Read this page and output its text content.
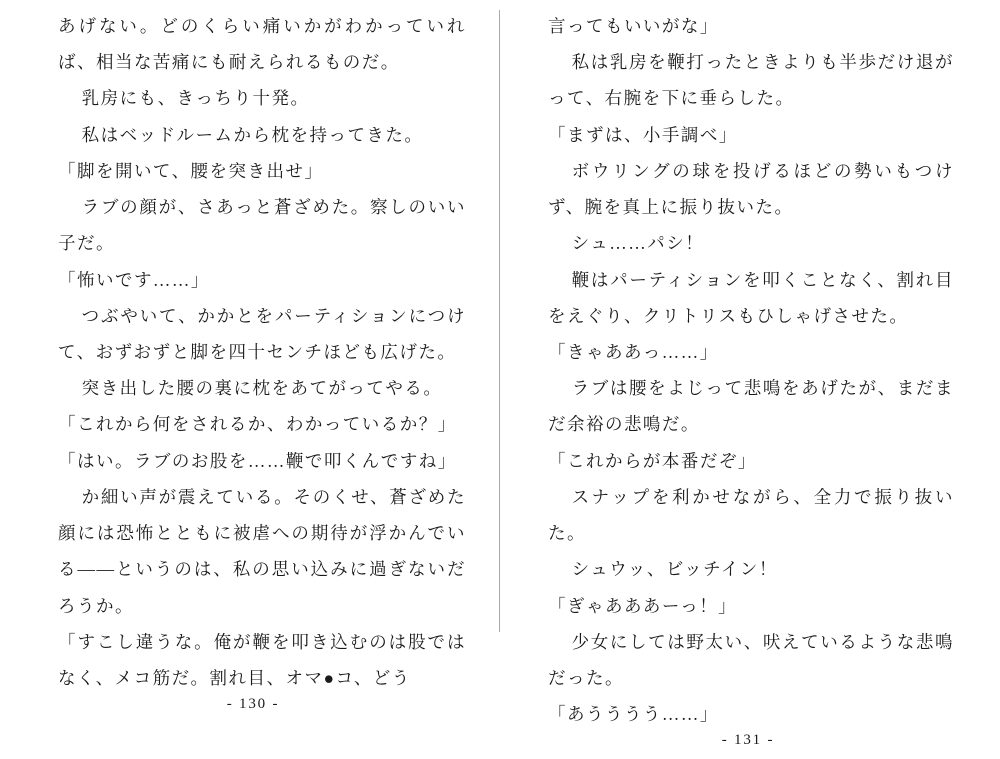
あげない。どのくらい痛いかがわかっていれば、相当な苦痛にも耐えられるものだ。

乳房にも、きっちり十発。

私はベッドルームから枕を持ってきた。

「脚を開いて、腰を突き出せ」

ラブの顔が、さあっと蒼ざめた。察しのいい子だ。

「怖いです……」

つぶやいて、かかとをパーティションにつけて、おずおずと脚を四十センチほども広げた。

突き出した腰の裏に枕をあてがってやる。

「これから何をされるか、わかっているか？」

「はい。ラブのお股を……鞭で叩くんですね」

か細い声が震えている。そのくせ、蒼ざめた顔には恐怖とともに被虐への期待が浮かんでいる――というのは、私の思い込みに過ぎないだろうか。

「すこし違うな。俺が鞭を叩き込むのは股ではなく、メコ筋だ。割れ目、オマ●コ、どう

- 130 -

言ってもいいがな」

私は乳房を鞭打ったときよりも半歩だけ退がって、右腕を下に垂らした。

「まずは、小手調べ」

ボウリングの球を投げるほどの勢いもつけず、腕を真上に振り抜いた。

シュ……パシ！

鞭はパーティションを叩くことなく、割れ目をえぐり、クリトリスもひしゃげさせた。

「きゃああっ……」

ラブは腰をよじって悲鳴をあげたが、まだまだ余裕の悲鳴だ。

「これからが本番だぞ」

スナップを利かせながら、全力で振り抜いた。

シュウッ、ビッチイン！

「ぎゃあああーっ！」

少女にしては野太い、吠えているような悲鳴だった。

「あうううう……」

- 131 -
